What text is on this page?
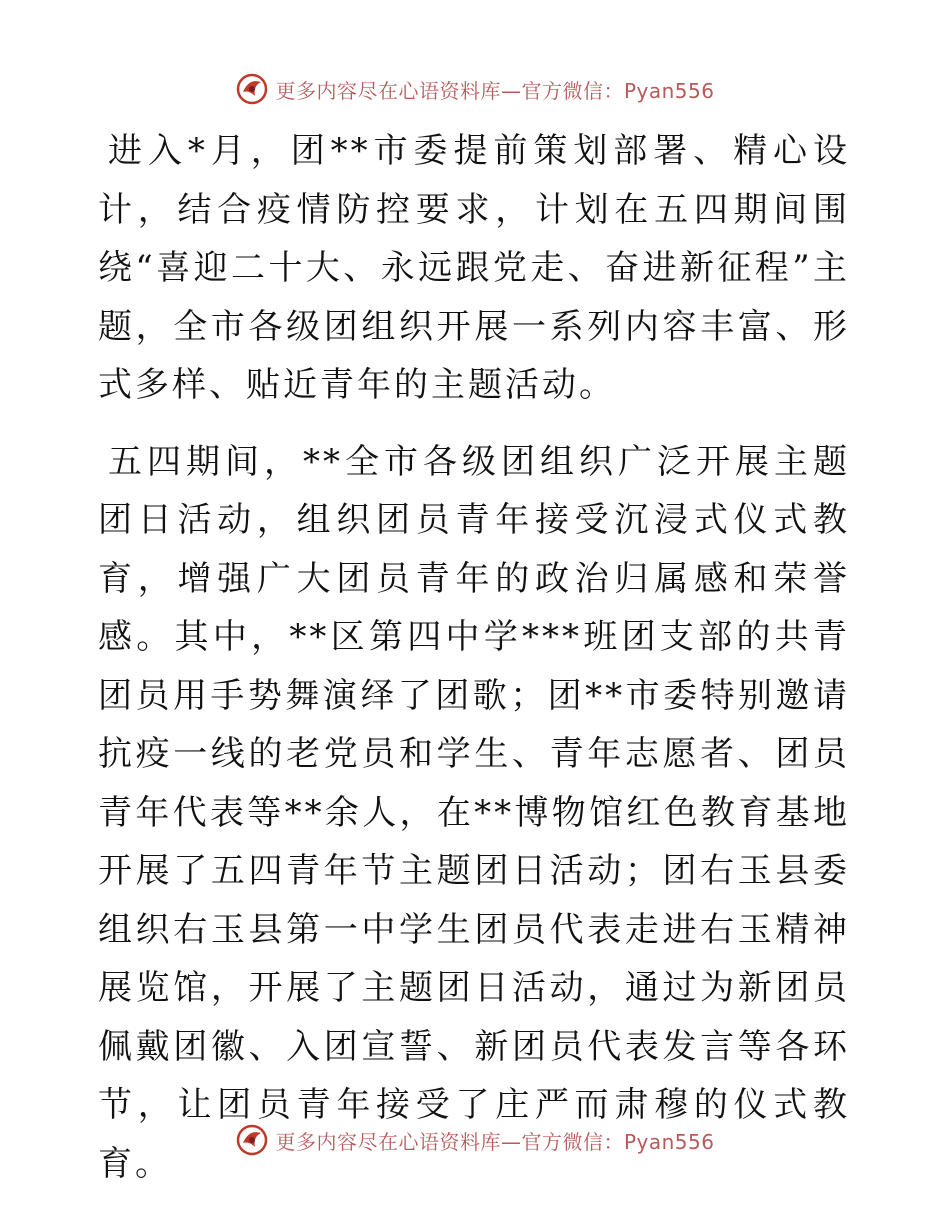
更多内容尽在心语资料库—官方微信：Pyan556

进入*月，团**市委提前策划部署、精心设计，结合疫情防控要求，计划在五四期间围绕“喜迎二十大、永远跟党走、奋进新征程”主题，全市各级团组织开展一系列内容丰富、形式多样、贴近青年的主题活动。

五四期间，**全市各级团组织广泛开展主题团日活动，组织团员青年接受沉浸式仪式教育，增强广大团员青年的政治归属感和荣誉感。其中，**区第四中学***班团支部的共青团员用手势舞演绎了团歌；团**市委特别邀请抗疫一线的老党员和学生、青年志愿者、团员青年代表等**余人，在**博物馆红色教育基地开展了五四青年节主题团日活动；团右玉县委组织右玉县第一中学生团员代表走进右玉精神展览馆，开展了主题团日活动，通过为新团员佩戴团徽、入团宣誓、新团员代表发言等各环节，让团员青年接受了庄严而肃穆的仪式教育。

更多内容尽在心语资料库—官方微信：Pyan556
